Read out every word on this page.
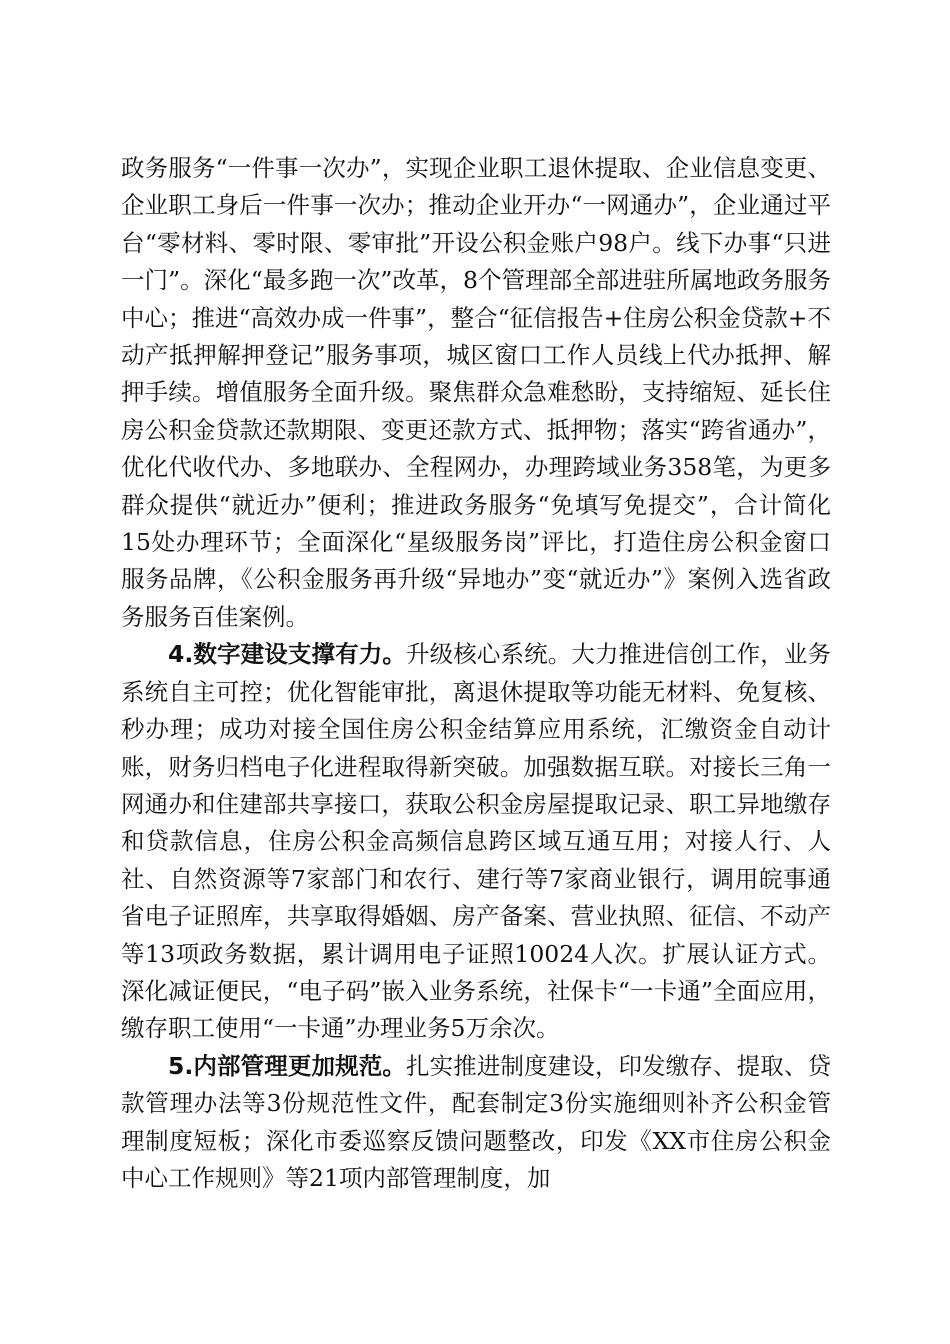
政务服务“一件事一次办”，实现企业职工退休提取、企业信息变更、企业职工身后一件事一次办；推动企业开办“一网通办”，企业通过平台“零材料、零时限、零审批”开设公积金账户98户。线下办事“只进一门”。深化“最多跑一次”改革，8个管理部全部进驻所属地政务服务中心；推进“高效办成一件事”，整合“征信报告+住房公积金贷款+不动产抵押解押登记”服务事项，城区窗口工作人员线上代办抵押、解押手续。增值服务全面升级。聚焦群众急难愁盼，支持缩短、延长住房公积金贷款还款期限、变更还款方式、抵押物；落实“跨省通办”，优化代收代办、多地联办、全程网办，办理跨域业务358笔，为更多群众提供“就近办”便利；推进政务服务“免填写免提交”，合计简化15处办理环节；全面深化“星级服务岗”评比，打造住房公积金窗口服务品牌，《公积金服务再升级“异地办”变“就近办”》案例入选省政务服务百佳案例。

4.数字建设支撑有力。升级核心系统。大力推进信创工作，业务系统自主可控；优化智能审批，离退休提取等功能无材料、免复核、秒办理；成功对接全国住房公积金结算应用系统，汇缴资金自动计账，财务归档电子化进程取得新突破。加强数据互联。对接长三角一网通办和住建部共享接口，获取公积金房屋提取记录、职工异地缴存和贷款信息，住房公积金高频信息跨区域互通互用；对接人行、人社、自然资源等7家部门和农行、建行等7家商业银行，调用皖事通省电子证照库，共享取得婚姻、房产备案、营业执照、征信、不动产等13项政务数据，累计调用电子证照10024人次。扩展认证方式。深化减证便民，“电子码”嵌入业务系统，社保卡“一卡通”全面应用，缴存职工使用“一卡通”办理业务5万余次。

5.内部管理更加规范。扎实推进制度建设，印发缴存、提取、贷款管理办法等3份规范性文件，配套制定3份实施细则补齐公积金管理制度短板；深化市委巡察反馈问题整改，印发《XX市住房公积金中心工作规则》等21项内部管理制度，加
